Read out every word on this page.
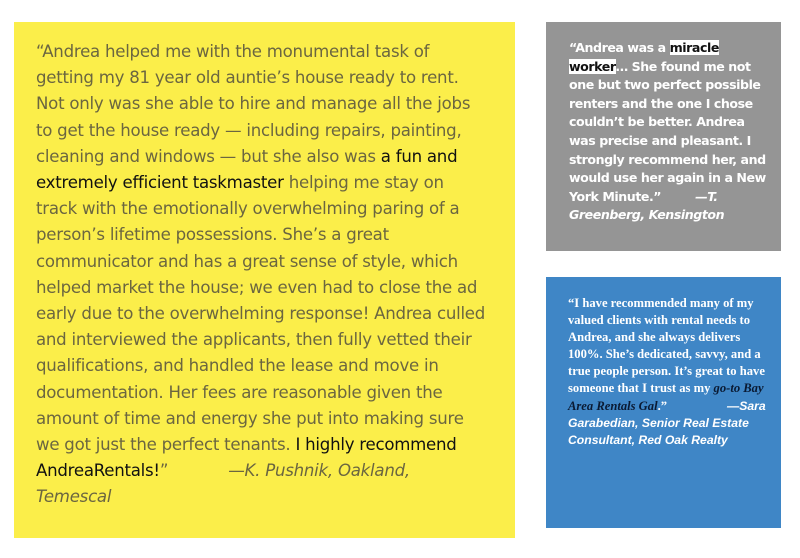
“Andrea helped me with the monumental task of getting my 81 year old auntie’s house ready to rent. Not only was she able to hire and manage all the jobs to get the house ready — including repairs, painting, cleaning and windows — but she also was a fun and extremely efficient taskmaster helping me stay on track with the emotionally overwhelming paring of a person’s lifetime possessions. She’s a great communicator and has a great sense of style, which helped market the house; we even had to close the ad early due to the overwhelming response! Andrea culled and interviewed the applicants, then fully vetted their qualifications, and handled the lease and move in documentation. Her fees are reasonable given the amount of time and energy she put into making sure we got just the perfect tenants. I highly recommend AndreaRentals!”	—K. Pushnik, Oakland, Temescal

“Andrea was a miracle worker… She found me not one but two perfect possible renters and the one I chose couldn’t be better. Andrea was precise and pleasant. I strongly recommend her, and would use her again in a New York Minute.”	—T. Greenberg, Kensington

“I have recommended many of my valued clients with rental needs to Andrea, and she always delivers 100%. She’s dedicated, savvy, and a true people person. It’s great to have someone that I trust as my go-to Bay Area Rentals Gal.”	—Sara Garabedian, Senior Real Estate Consultant, Red Oak Realty
